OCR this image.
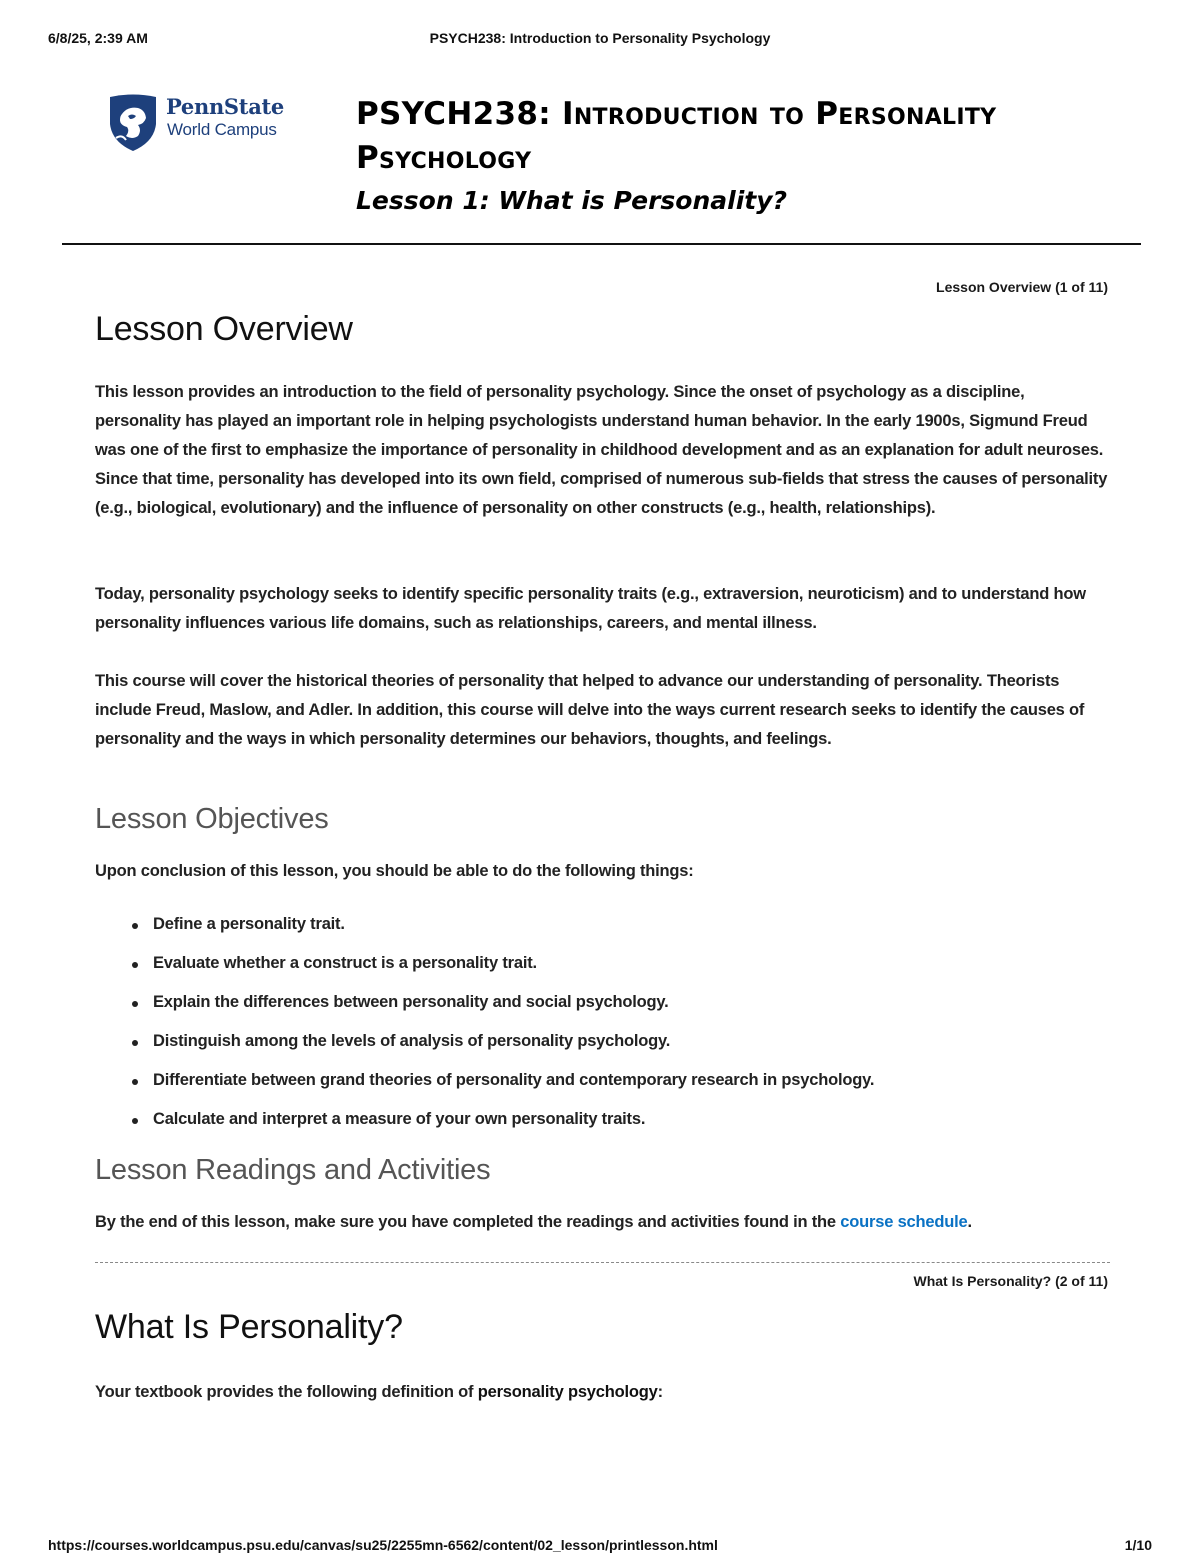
6/8/25, 2:39 AM	PSYCH238: Introduction to Personality Psychology
PennState
World Campus	PSYCH238: Introduction to Personality Psychology
Lesson 1: What is Personality?
Lesson Overview (1 of 11)
Lesson Overview

This lesson provides an introduction to the field of personality psychology. Since the onset of psychology as a discipline, personality has played an important role in helping psychologists understand human behavior. In the early 1900s, Sigmund Freud was one of the first to emphasize the importance of personality in childhood development and as an explanation for adult neuroses. Since that time, personality has developed into its own field, comprised of numerous sub-fields that stress the causes of personality (e.g., biological, evolutionary) and the influence of personality on other constructs (e.g., health, relationships).

Today, personality psychology seeks to identify specific personality traits (e.g., extraversion, neuroticism) and to understand how personality influences various life domains, such as relationships, careers, and mental illness.

This course will cover the historical theories of personality that helped to advance our understanding of personality. Theorists include Freud, Maslow, and Adler. In addition, this course will delve into the ways current research seeks to identify the causes of personality and the ways in which personality determines our behaviors, thoughts, and feelings.

Lesson Objectives

Upon conclusion of this lesson, you should be able to do the following things:

Define a personality trait.
Evaluate whether a construct is a personality trait.
Explain the differences between personality and social psychology.
Distinguish among the levels of analysis of personality psychology.
Differentiate between grand theories of personality and contemporary research in psychology.
Calculate and interpret a measure of your own personality traits.
Lesson Readings and Activities

By the end of this lesson, make sure you have completed the readings and activities found in the course schedule.

What Is Personality? (2 of 11)
What Is Personality?

Your textbook provides the following definition of personality psychology:

https://courses.worldcampus.psu.edu/canvas/su25/2255mn-6562/content/02_lesson/printlesson.html	1/10
